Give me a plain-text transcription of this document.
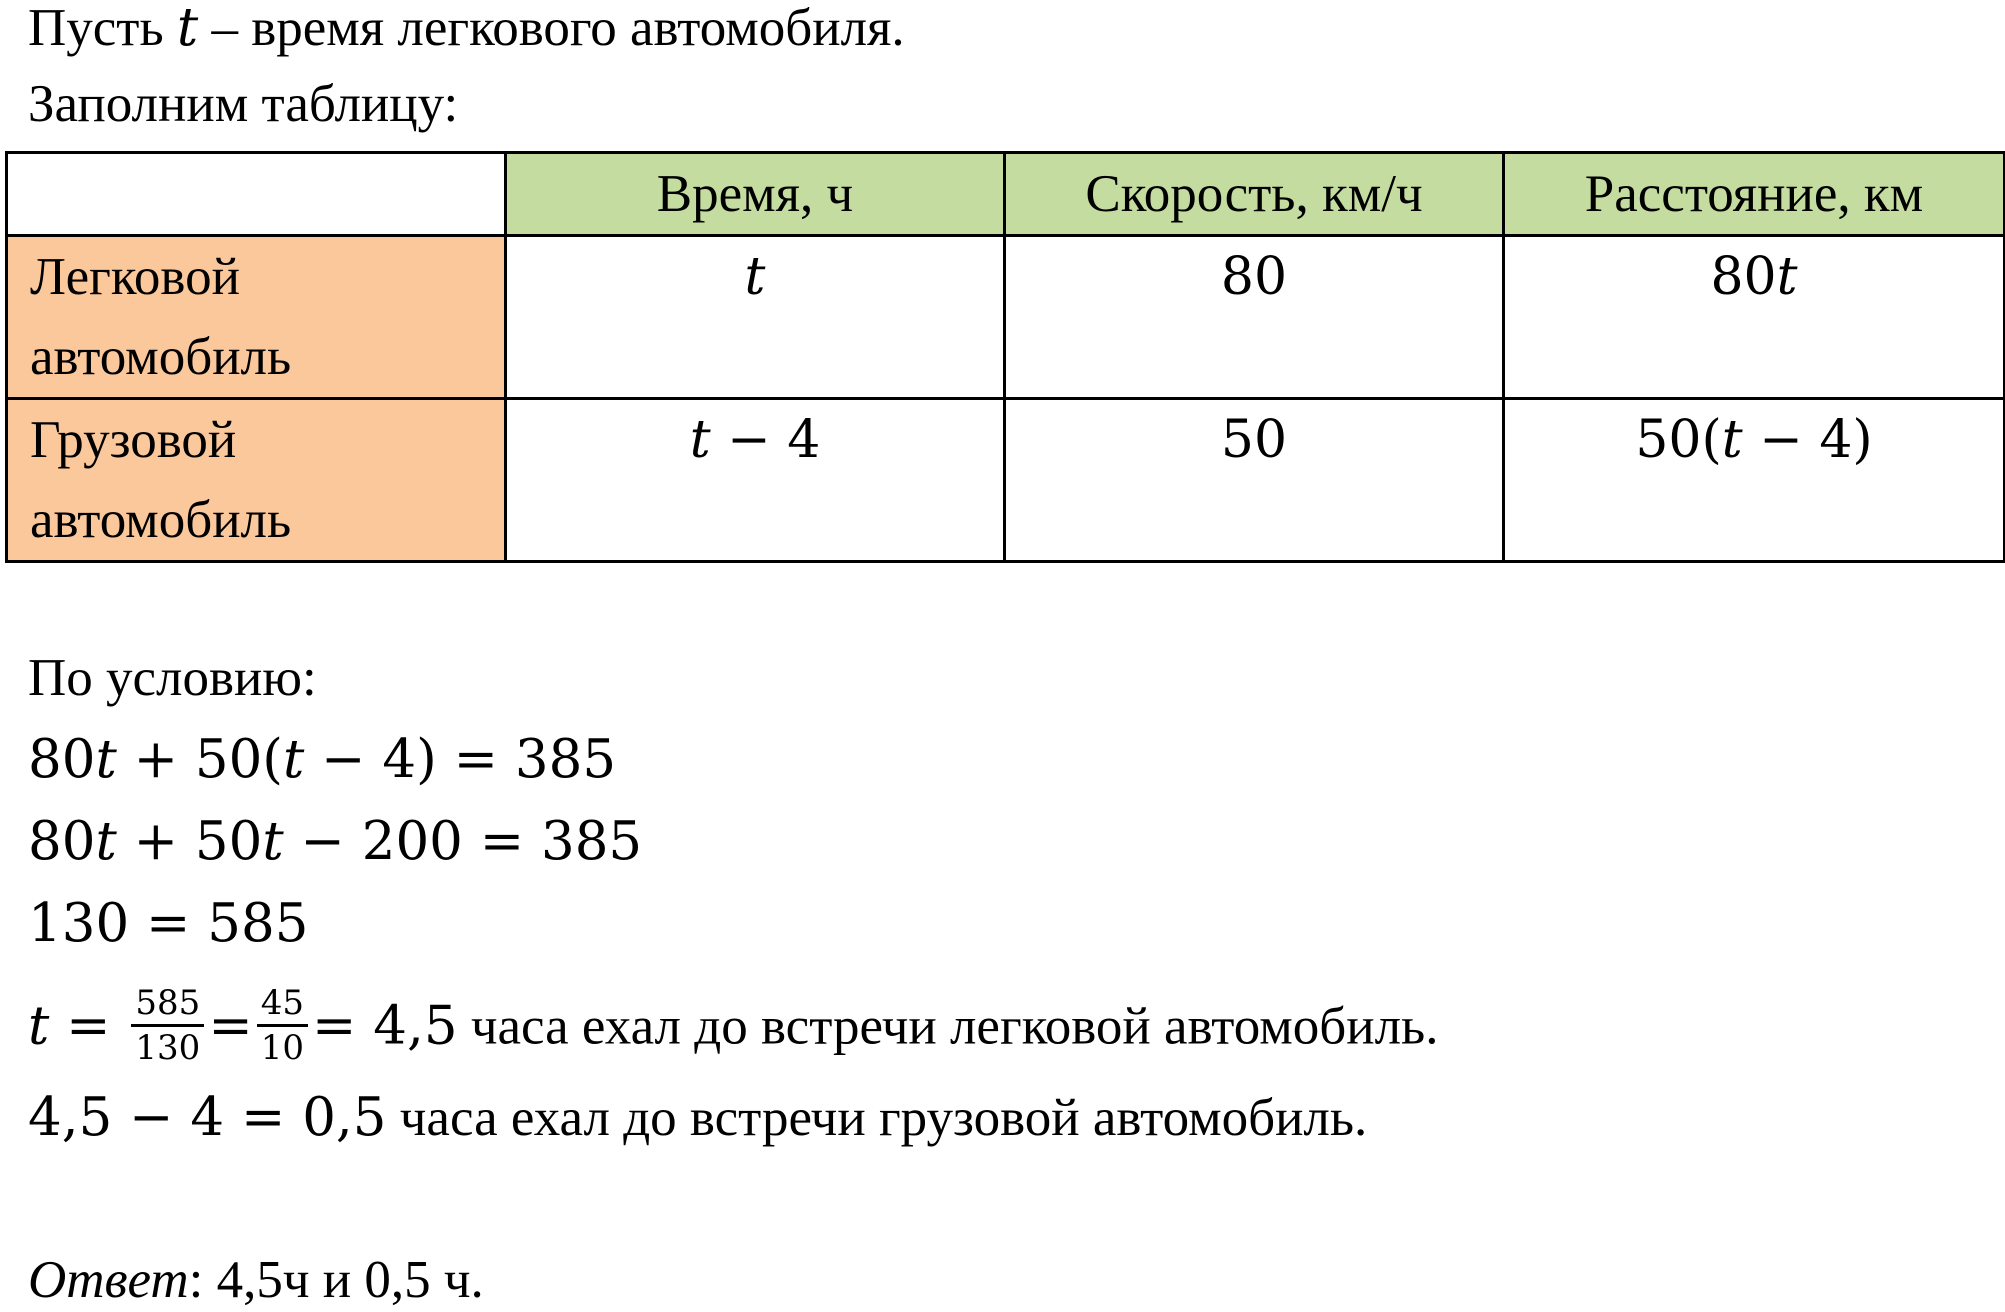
Пусть t – время легкового автомобиля.
Заполним таблицу:
	Время, ч	Скорость, км/ч	Расстояние, км

Легковой
автомобиль	t	80	80t

Грузовой
автомобиль	t − 4	50	50(t − 4)
По условию:
80t + 50(t − 4) = 385
80t + 50t − 200 = 385
130 = 585
$t = \frac{585}{130} = \frac{45}{10} = 4,5$ часа ехал до встречи легковой автомобиль.
4,5 − 4 = 0,5 часа ехал до встречи грузовой автомобиль.
Ответ: 4,5ч и 0,5 ч.
